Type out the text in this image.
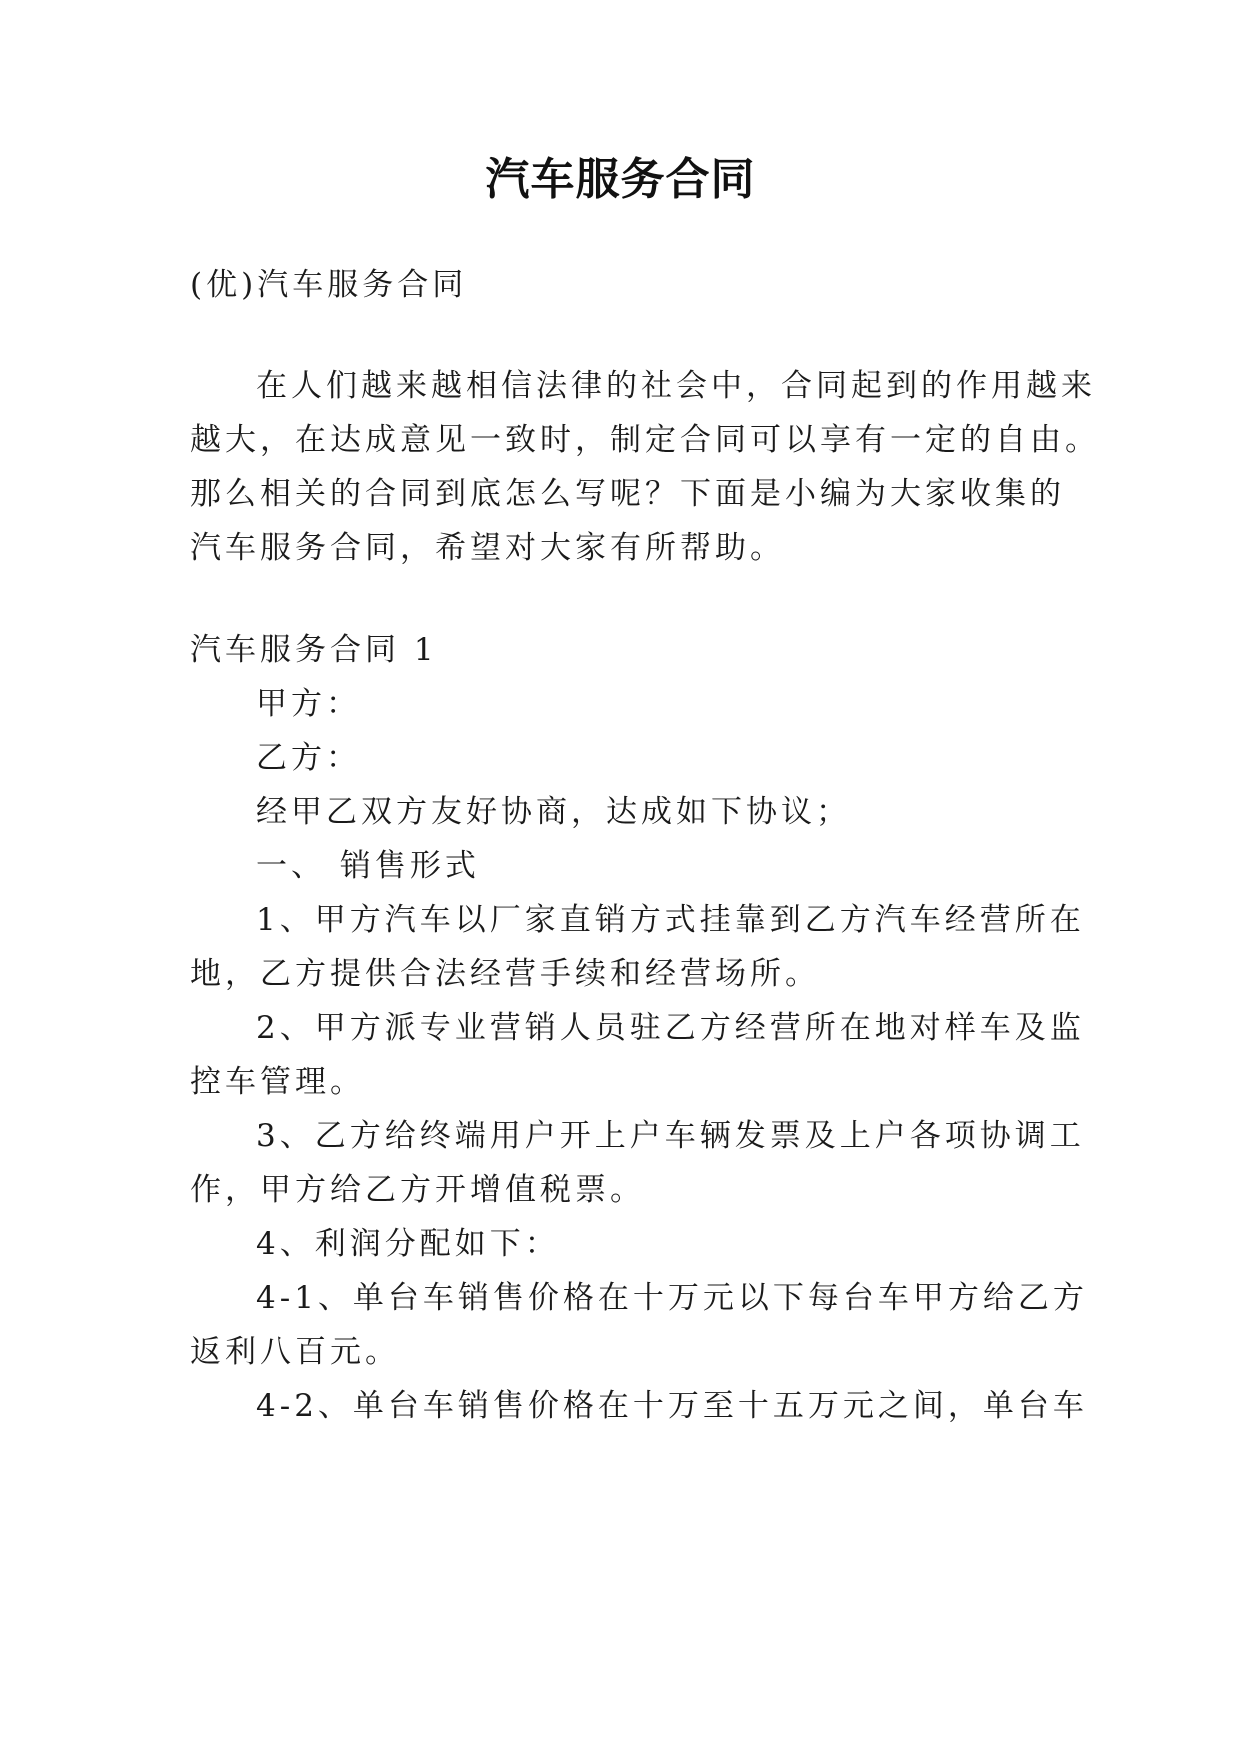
汽车服务合同

(优)汽车服务合同

在人们越来越相信法律的社会中，合同起到的作用越来

越大，在达成意见一致时，制定合同可以享有一定的自由。

那么相关的合同到底怎么写呢？下面是小编为大家收集的

汽车服务合同，希望对大家有所帮助。

汽车服务合同 1

甲方：

乙方：

经甲乙双方友好协商，达成如下协议；

一、 销售形式

1、甲方汽车以厂家直销方式挂靠到乙方汽车经营所在

地，乙方提供合法经营手续和经营场所。

2、甲方派专业营销人员驻乙方经营所在地对样车及监

控车管理。

3、乙方给终端用户开上户车辆发票及上户各项协调工

作，甲方给乙方开增值税票。

4、利润分配如下：

4-1、单台车销售价格在十万元以下每台车甲方给乙方

返利八百元。

4-2、单台车销售价格在十万至十五万元之间，单台车
